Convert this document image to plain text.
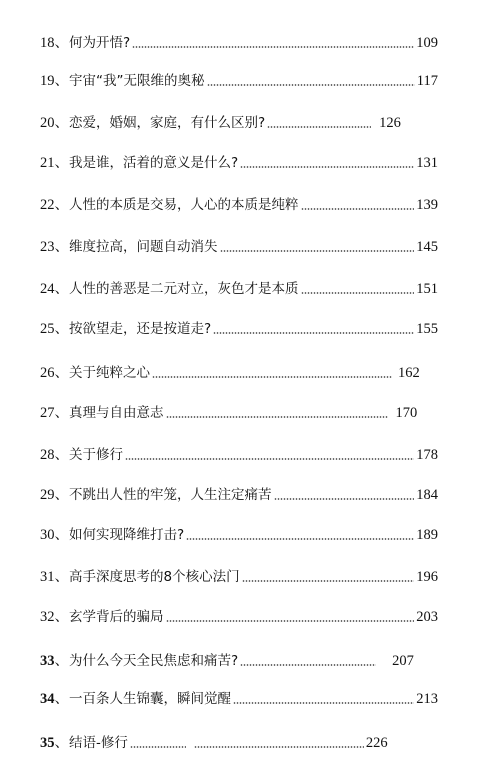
18、 何为开悟?	109
19、 宇宙“我”无限维的奥秘	117
20、 恋爱，婚姻，家庭，有什么区别?	126
21、 我是谁，活着的意义是什么?	131
22、 人性的本质是交易，人心的本质是纯粹	139
23、 维度拉高，问题自动消失	145
24、 人性的善恶是二元对立，灰色才是本质	151
25、 按欲望走，还是按道走?	155
26、 关于纯粹之心	162
27、 真理与自由意志	170
28、 关于修行	178
29、 不跳出人性的牢笼，人生注定痛苦	184
30、 如何实现降维打击?	189
31、 高手深度思考的8个核心法门	196
32、 玄学背后的骗局	203
33 、 为什么今天全民焦虑和痛苦?	207
34 、 一百条人生锦囊，瞬间觉醒	213
35 、 结语-修行	226
